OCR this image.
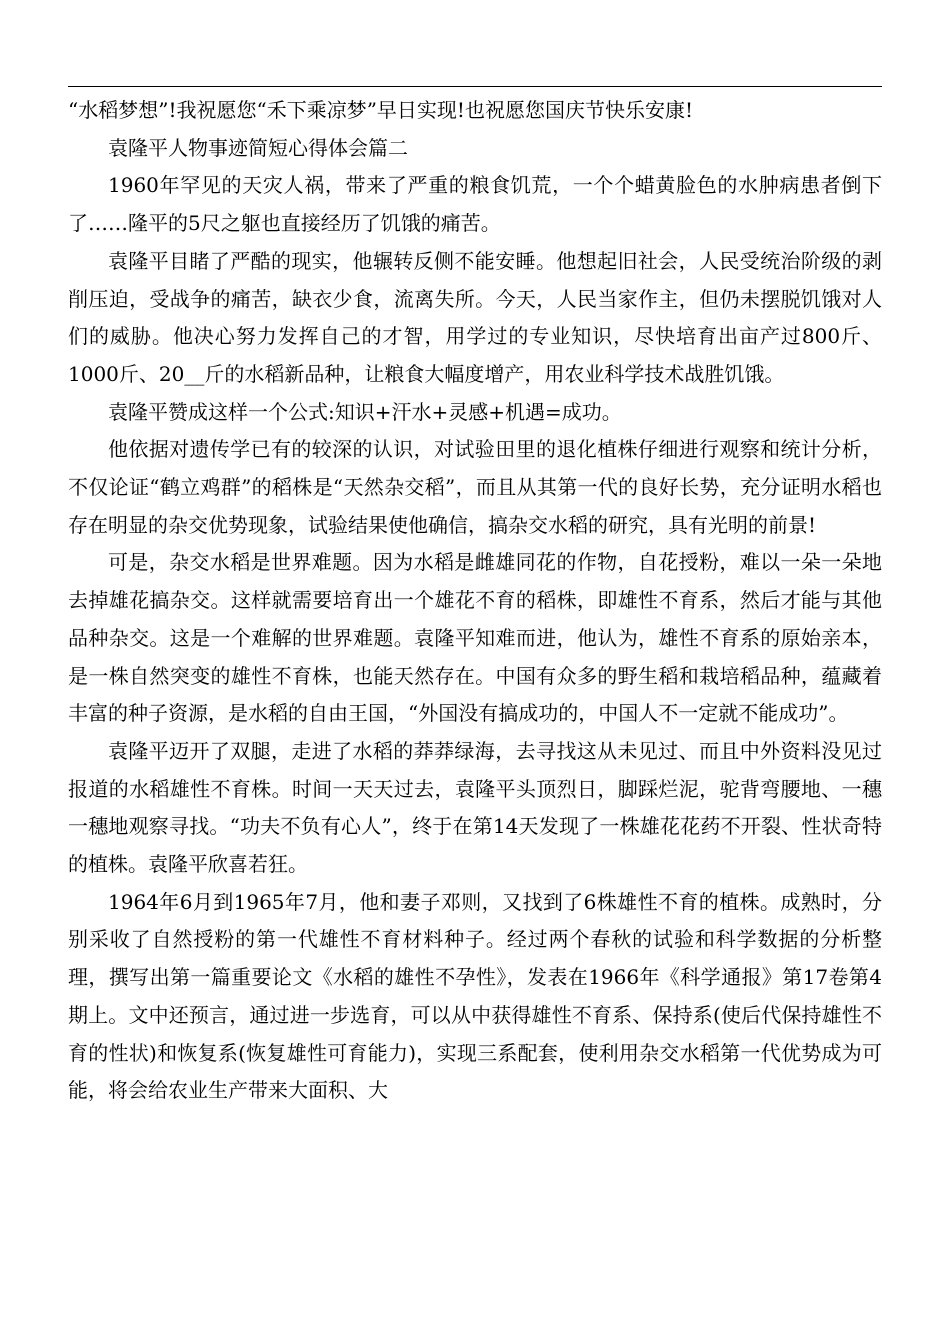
“水稻梦想”!我祝愿您“禾下乘凉梦”早日实现!也祝愿您国庆节快乐安康!

袁隆平人物事迹简短心得体会篇二

1960年罕见的天灾人祸，带来了严重的粮食饥荒，一个个蜡黄脸色的水肿病患者倒下了……隆平的5尺之躯也直接经历了饥饿的痛苦。

袁隆平目睹了严酷的现实，他辗转反侧不能安睡。他想起旧社会，人民受统治阶级的剥削压迫，受战争的痛苦，缺衣少食，流离失所。今天，人民当家作主，但仍未摆脱饥饿对人们的威胁。他决心努力发挥自己的才智，用学过的专业知识，尽快培育出亩产过800斤、1000斤、20__斤的水稻新品种，让粮食大幅度增产，用农业科学技术战胜饥饿。

袁隆平赞成这样一个公式:知识+汗水+灵感+机遇=成功。

他依据对遗传学已有的较深的认识，对试验田里的退化植株仔细进行观察和统计分析，不仅论证“鹤立鸡群”的稻株是“天然杂交稻”，而且从其第一代的良好长势，充分证明水稻也存在明显的杂交优势现象，试验结果使他确信，搞杂交水稻的研究，具有光明的前景!

可是，杂交水稻是世界难题。因为水稻是雌雄同花的作物，自花授粉，难以一朵一朵地去掉雄花搞杂交。这样就需要培育出一个雄花不育的稻株，即雄性不育系，然后才能与其他品种杂交。这是一个难解的世界难题。袁隆平知难而进，他认为，雄性不育系的原始亲本，是一株自然突变的雄性不育株，也能天然存在。中国有众多的野生稻和栽培稻品种，蕴藏着丰富的种子资源，是水稻的自由王国，“外国没有搞成功的，中国人不一定就不能成功”。

袁隆平迈开了双腿，走进了水稻的莽莽绿海，去寻找这从未见过、而且中外资料没见过报道的水稻雄性不育株。时间一天天过去，袁隆平头顶烈日，脚踩烂泥，驼背弯腰地、一穗一穗地观察寻找。“功夫不负有心人”，终于在第14天发现了一株雄花花药不开裂、性状奇特的植株。袁隆平欣喜若狂。

1964年6月到1965年7月，他和妻子邓则，又找到了6株雄性不育的植株。成熟时，分别采收了自然授粉的第一代雄性不育材料种子。经过两个春秋的试验和科学数据的分析整理，撰写出第一篇重要论文《水稻的雄性不孕性》，发表在1966年《科学通报》第17卷第4期上。文中还预言，通过进一步选育，可以从中获得雄性不育系、保持系(使后代保持雄性不育的性状)和恢复系(恢复雄性可育能力)，实现三系配套，使利用杂交水稻第一代优势成为可能，将会给农业生产带来大面积、大
